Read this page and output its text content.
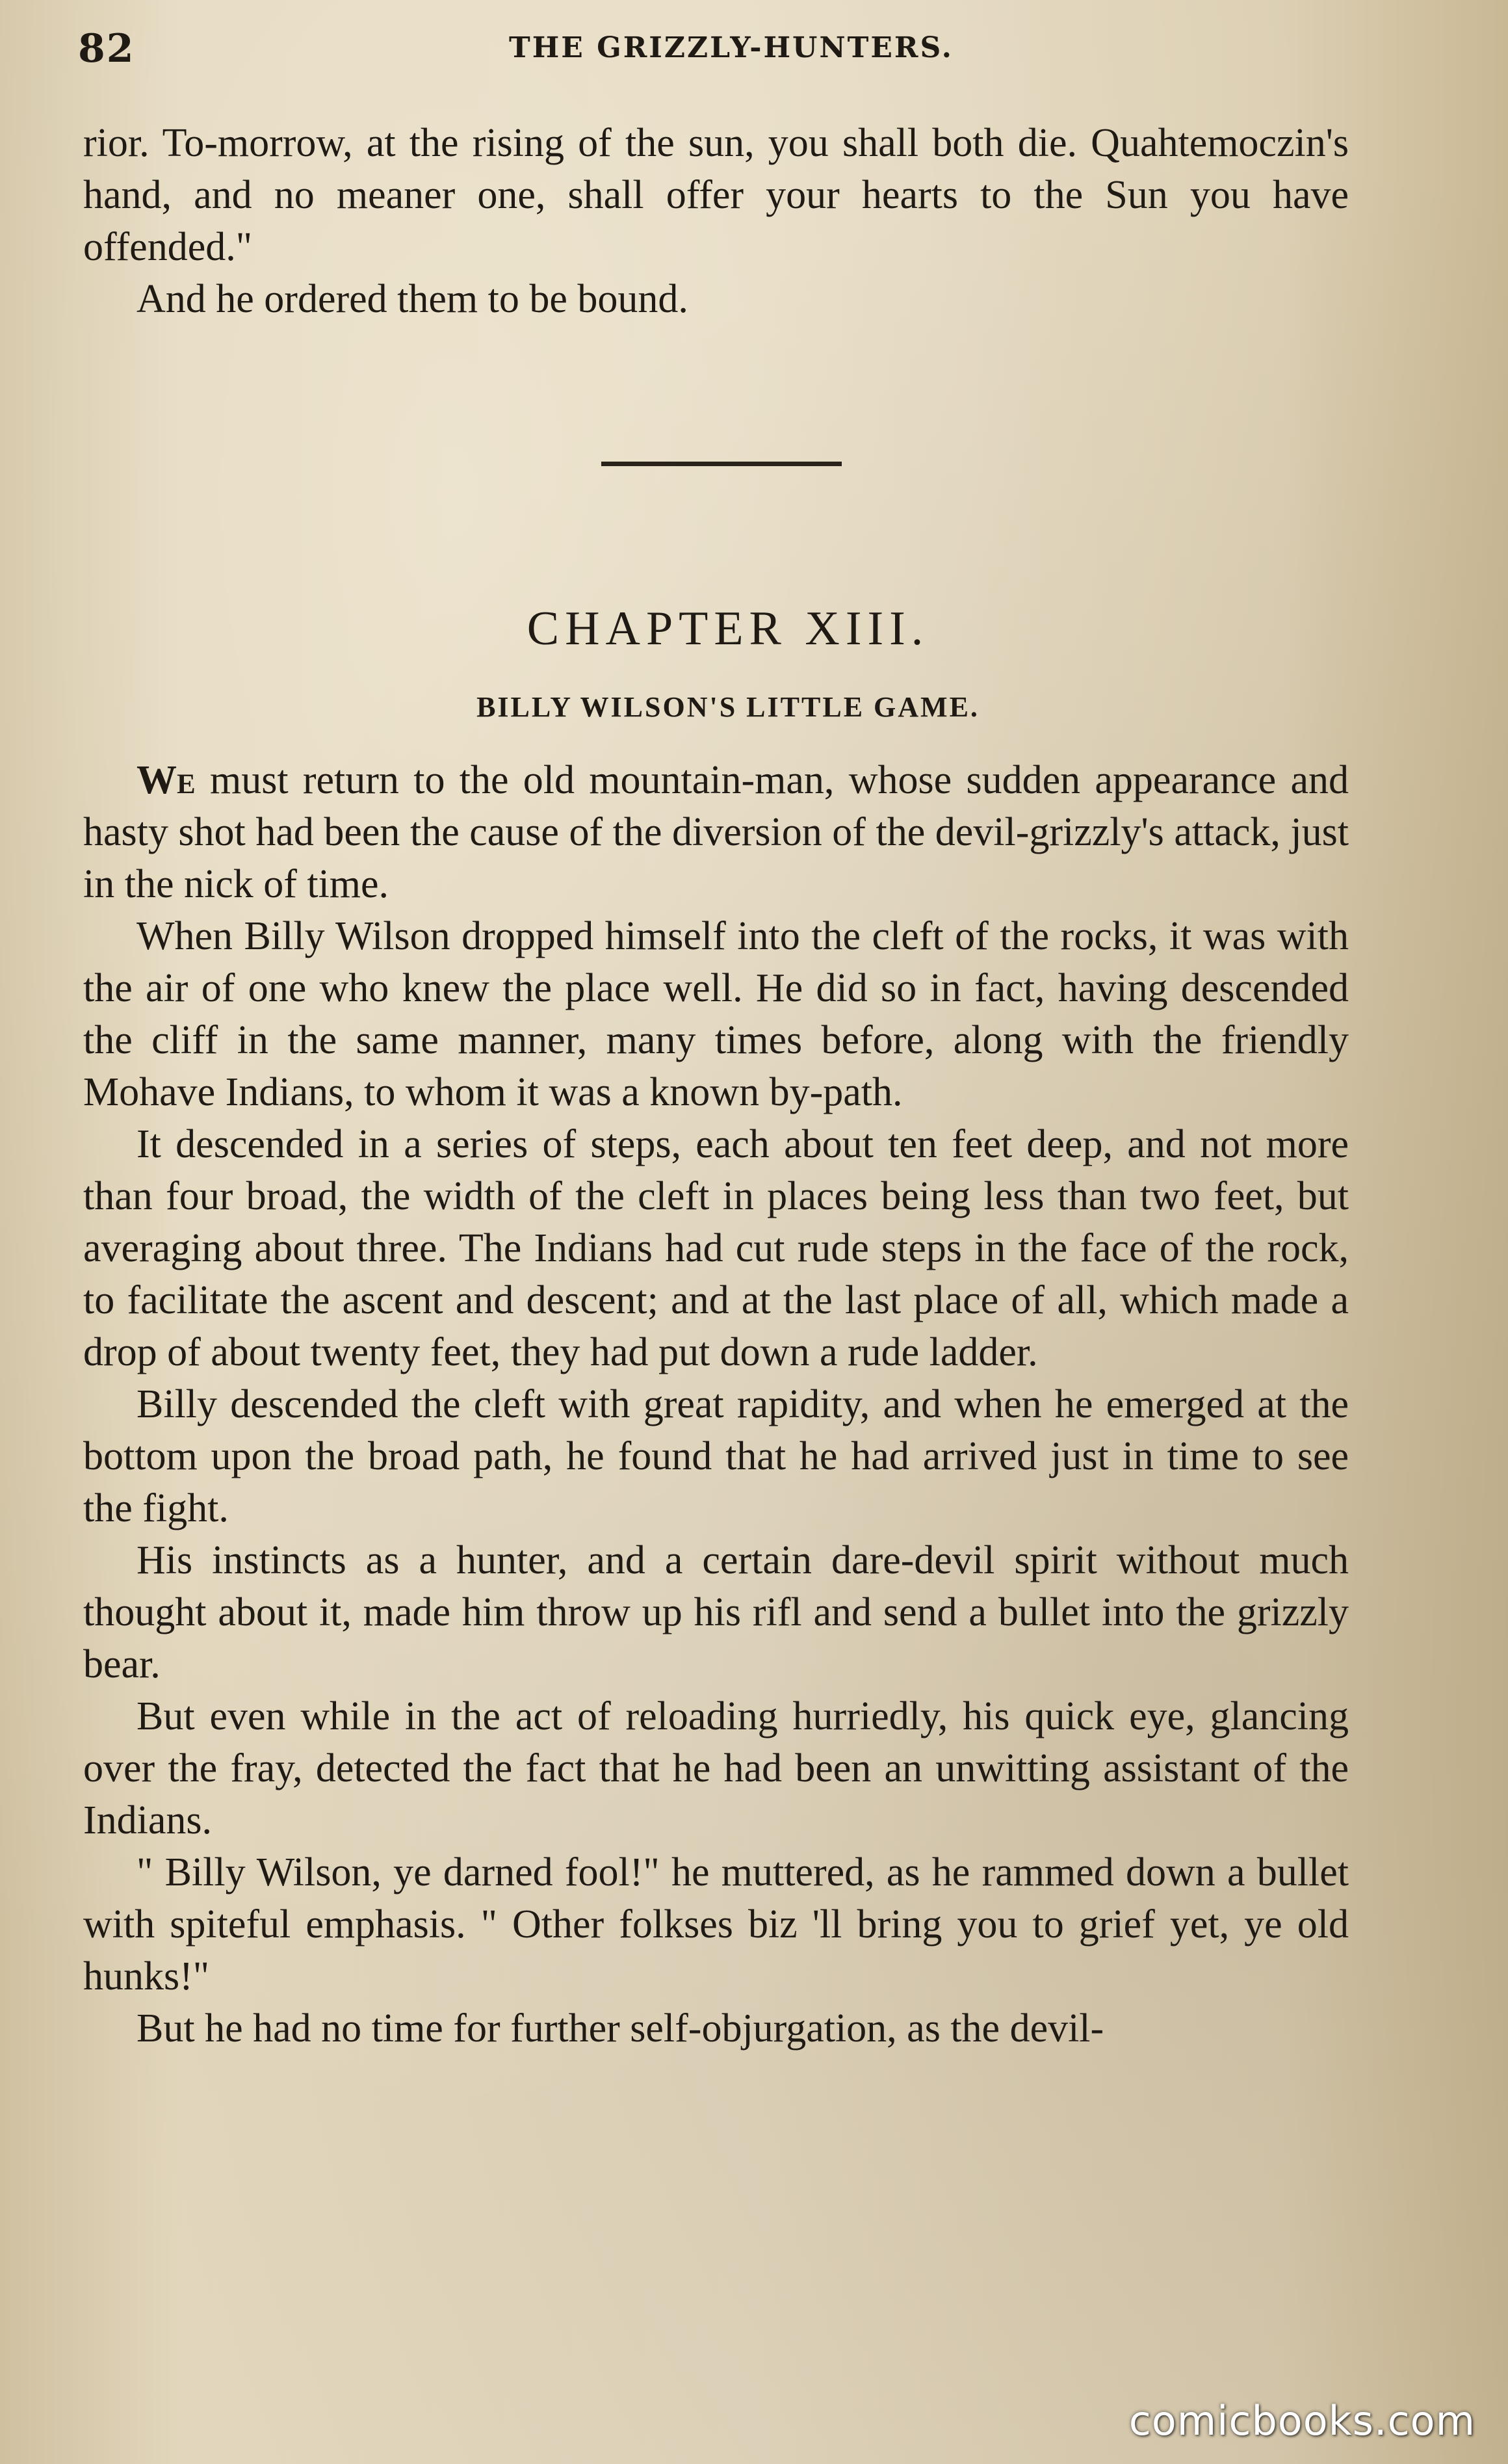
82	THE GRIZZLY-HUNTERS.

rior. To-morrow, at the rising of the sun, you shall both die. Quahtemoczin's hand, and no meaner one, shall offer your hearts to the Sun you have offended."

And he ordered them to be bound.

CHAPTER XIII.
BILLY WILSON'S LITTLE GAME.

We must return to the old mountain-man, whose sudden appearance and hasty shot had been the cause of the diversion of the devil-grizzly's attack, just in the nick of time.

When Billy Wilson dropped himself into the cleft of the rocks, it was with the air of one who knew the place well. He did so in fact, having descended the cliff in the same manner, many times before, along with the friendly Mohave Indians, to whom it was a known by-path.

It descended in a series of steps, each about ten feet deep, and not more than four broad, the width of the cleft in places being less than two feet, but averaging about three. The Indians had cut rude steps in the face of the rock, to facilitate the ascent and descent; and at the last place of all, which made a drop of about twenty feet, they had put down a rude ladder.

Billy descended the cleft with great rapidity, and when he emerged at the bottom upon the broad path, he found that he had arrived just in time to see the fight.

His instincts as a hunter, and a certain dare-devil spirit without much thought about it, made him throw up his rifl and send a bullet into the grizzly bear.

But even while in the act of reloading hurriedly, his quick eye, glancing over the fray, detected the fact that he had been an unwitting assistant of the Indians.

" Billy Wilson, ye darned fool!" he muttered, as he rammed down a bullet with spiteful emphasis. " Other folkses biz 'll bring you to grief yet, ye old hunks!"

But he had no time for further self-objurgation, as the devil-

comicbooks.com
